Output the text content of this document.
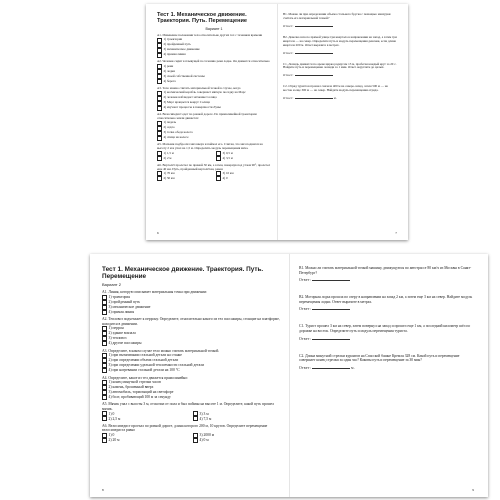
Тест 1. Механическое движение. Траектория. Путь. Перемещение

Вариант 1

А1. Изменение положения тела относительно других тел с течением времени

1) траектория
2) пройденный путь
3) механическое движение
4) прямая линия

А2. Человек сидит в плывущей по течению реки лодке. Он движется относительно

1) реки
2) лодки
3) своей собственной системы
4) берега

А3. Тело можно считать материальной точкой в случае, когда

1) космический корабль совершает мягкую посадку на Марс
2) человек наблюдает затмение Солнца
3) Марс вращается вокруг Солнца
4) изучают процессы в поверхности Луны

А4. Велосипедист едет по ровной дороге. По прямолинейной траектории относительно земли движется:

1) педаль
2) седло
3) точка обода колеса
4) спица на колесе

А5. Мальчик подбросил мяч вверх и поймал его. Считая, что мяч поднялся на высоту 2 м и упал на 1,5 м. Определить модуль перемещения мяча.

1) 1,5 м	3) 0,5 м
2) 2 м	4) 3,5 м

А6. Вертолёт пролетел по прямой 30 км, а затем, повернув под углом 90°, пролетел еще 40 км. Путь, пройденный вертолётом, равен

1) 70 км	3) 10 км
2) 50 км	4) 0
6

В1. Можно ли при определении объема стального бруска с помощью мензурки считать его материальной точкой?

Ответ:

В2. Девочка шла по прямой улице три квартала в направлении на запад, а затем три квартала — на север. Определите путь и модуль перемещения девочки, если длина квартала 200 м. Ответ выразите в метрах.

Ответ:

С1. Лошадь движется по арене цирка радиусом 13 м, пробегая каждый круг за 20 с. Найдите путь и перемещение лошади за 1 мин. Ответ округлите до целых.

Ответ:

С2. Отряд туристов прошел сначала 400 м на северо-запад, затем 500 м — на восток и еще 300 м — на север. Найдите модуль перемещения отряда.

Ответ:	м.

7

Тест 1. Механическое движение. Траектория. Путь. Перемещение

Вариант 2

А1. Линия, которую описывает материальная точка при движении:

1) траектория
2) пройденный путь
3) механическое движение
4) прямая линия

А2. Тепловоз подъезжает к перрону. Определите, относительно какого из тел пассажиры, стоящие на платформе, находятся в движении.

1) перрон
2) здание вокзала
3) тепловоз
4) другие пассажиры

А3. Определите, в каком случае тело можно считать материальной точкой.

1) при вытягивании стальной детали на станке
2) при определении объема стальной детали
3) при определении удельной теплоемкости стальной детали
4) при нагревании стальной детали на 100 °С

А4. Определите, какое из тел движется прямолинейно:

1) конец минутной стрелки часов
2) камень, брошенный вверх
3) автомобиль, тормозящий на светофоре
4) болт, пробивающий 100 м за секунду

А5. Мячик упал с высоты 3 м, отскочил от пола и был пойман на высоте 1 м. Определите, какой путь прошел мячик.

1) 0	3) 3 м
2) 2,5 м	4) 7,5 м

А6. Велосипедист проехал по ровной дороге, длина которого 200 м, 10 кругов. Определите перемещение велосипедиста равно

1) 0	3) 2000 м
2) 20 м	4) 0 м
8

В1. Можно ли считать материальной точкой машину, движущуюся по автотрассе 80 км/ч из Москвы в Санкт-Петербург?

Ответ:

В2. Моторная лодка прошла по озеру в направлении на запад 2 км, а затем еще 3 км на север. Найдите модуль перемещения лодки. Ответ выразите в метрах.

Ответ:

С1. Турист прошел 3 км на север, затем повернул на запад и прошел еще 1 км, а последний километр шёл по дорожке на восток. Определите путь и модуль перемещения туриста.

Ответ:

С2. Длина минутной стрелки курантов на Спасской башне Кремля 328 см. Какой путь и перемещение совершает конец стрелки за один час? Каковы путь и перемещение за 30 мин?

Ответ:	м.

9
